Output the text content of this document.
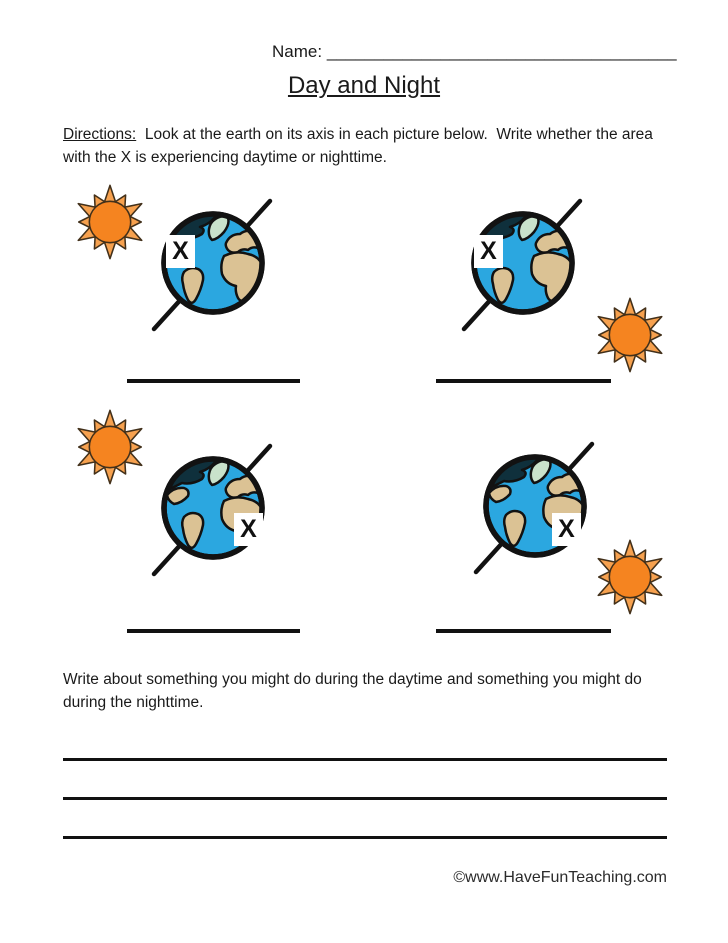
Name: _____________________________________
Day and Night
Directions:  Look at the earth on its axis in each picture below.  Write whether the area with the X is experiencing daytime or nighttime.
X	X
X	X
Write about something you might do during the daytime and something you might do during the nighttime.
©www.HaveFunTeaching.com
